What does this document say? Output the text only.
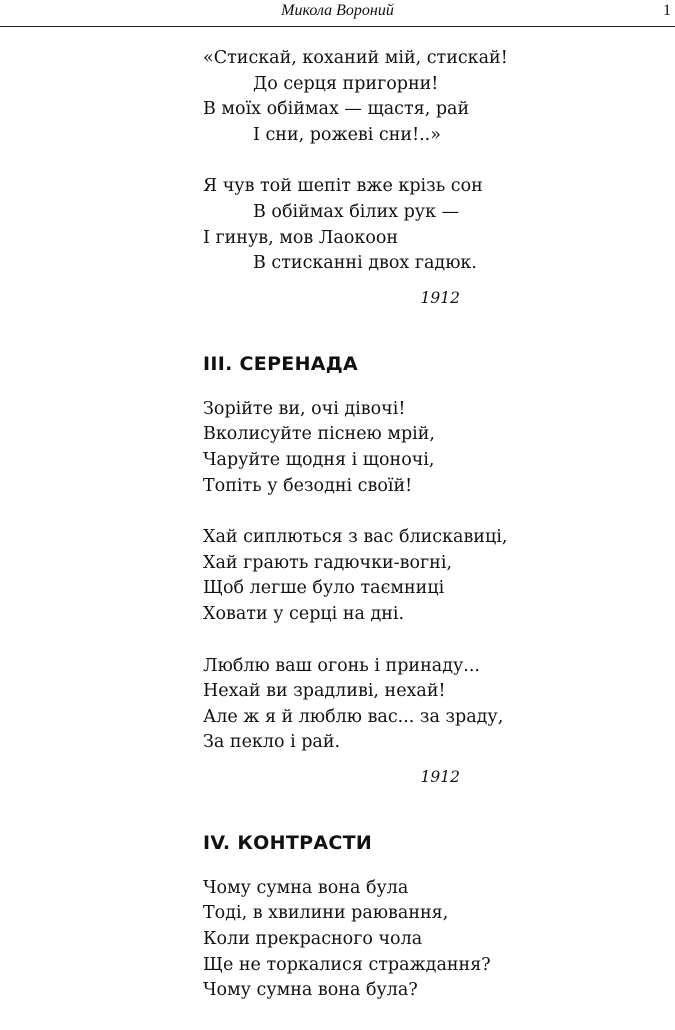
Микола Вороний	1
«Стискай, коханий мій, стискай!
До серця пригорни!
В моїх обіймах — щастя, рай
І сни, рожеві сни!..»
Я чув той шепіт вже крізь сон
В обіймах білих рук —
І гинув, мов Лаокоон
В стисканні двох гадюк.
1912
ІІІ. СЕРЕНАДА
Зорійте ви, очі дівочі!
Вколисуйте піснею мрій,
Чаруйте щодня і щоночі,
Топіть у безодні своїй!
Хай сиплються з вас блискавиці,
Хай грають гадючки-вогні,
Щоб легше було таємниці
Ховати у серці на дні.
Люблю ваш огонь і принаду...
Нехай ви зрадливі, нехай!
Але ж я й люблю вас... за зраду,
За пекло і рай.
1912
IV. КОНТРАСТИ
Чому сумна вона була
Тоді, в хвилини раювання,
Коли прекрасного чола
Ще не торкалися страждання?
Чому сумна вона була?
